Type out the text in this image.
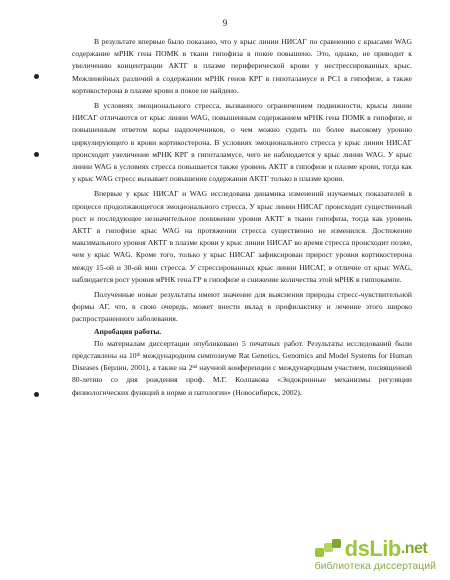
9

В результате впервые было показано, что у крыс линии НИСАГ по сравнению с крысами WAG содержание мРНК гена ПОМК в ткани гипофиза в покое повышено. Это, однако, не приводит к увеличению концентрации АКТГ в плазме периферической крови у нестрессированных крыс. Межлинейных различий в содержании мРНК генов КРГ в гипоталамусе и РС1 в гипофизе, а также кортикостерона в плазме крови в покое не найдено.

В условиях эмоционального стресса, вызванного ограничением подвижности, крысы линии НИСАГ отличаются от крыс линии WAG, повышенным содержанием мРНК гена ПОМК в гипофизе, и повышенным ответом коры надпочечников, о чем можно судить по более высокому уровню циркулирующего в крови кортикостерона. В условиях эмоционального стресса у крыс линии НИСАГ происходит увеличение мРНК КРГ в гипоталамусе, чего не наблюдается у крыс линии WAG. У крыс линии WAG в условиях стресса повышается также уровень АКТГ в гипофизе и плазме крови, тогда как у крыс WAG стресс вызывает повышение содержания АКТГ только в плазме крови.

Впервые у крыс НИСАГ и WAG исследована динамика изменений изучаемых показателей в процессе продолжающегося эмоционального стресса. У крыс линии НИСАГ происходит существенный рост и последующее незначительное понижение уровня АКТГ в ткани гипофиза, тогда как уровень АКТГ в гипофизе крыс WAG на протяжении стресса существенно не изменился. Достижение максимального уровня АКТГ в плазме крови у крыс линии НИСАГ во время стресса происходит позже, чем у крыс WAG. Кроме того, только у крыс НИСАГ зафиксирован прирост уровня кортикостерона между 15-ой и 30-ой мин стресса. У стрессированных крыс линии НИСАГ, в отличие от крыс WAG, наблюдается рост уровня мРНК гена ГР в гипофизе и снижение количества этой мРНК в гиппокампе.

Полученные новые результаты имеют значение для выяснения природы стресс-чувствительной формы АГ, что, в свою очередь, может внести вклад в профилактику и лечение этого широко распространенного заболевания.

Апробация работы.

По материалам диссертации опубликовано 5 печатных работ. Результаты исследований были представлены на 10ᵗʰ международном симпозиуме Rat Genetics, Genomics and Model Systems for Human Diseases (Берлин, 2001), а также на 2ⁿᵈ научной конференции с международным участием, посвященной 80-летию со дня рождения проф. М.Г. Колпакова «Эндокринные механизмы регуляции физиологических функций в норме и патологии» (Новосибирск, 2002).

dsLib .net
библиотека диссертаций
